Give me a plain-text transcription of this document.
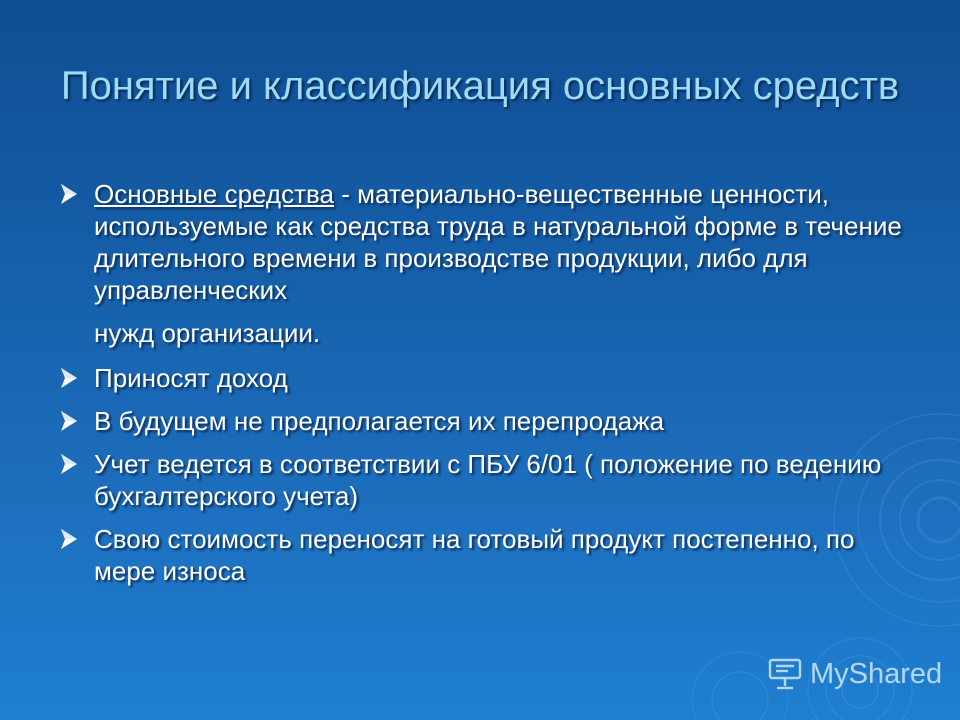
Понятие и классификация основных средств
Основные средства - материально-вещественные ценности, используемые как средства труда в натуральной форме в течение длительного времени в производстве продукции, либо для управленческих
нужд организации.
Приносят доход
В будущем не предполагается их перепродажа
Учет ведется в соответствии с ПБУ 6/01 ( положение по ведению бухгалтерского учета)
Свою стоимость переносят на готовый продукт постепенно, по мере износа
MyShared
